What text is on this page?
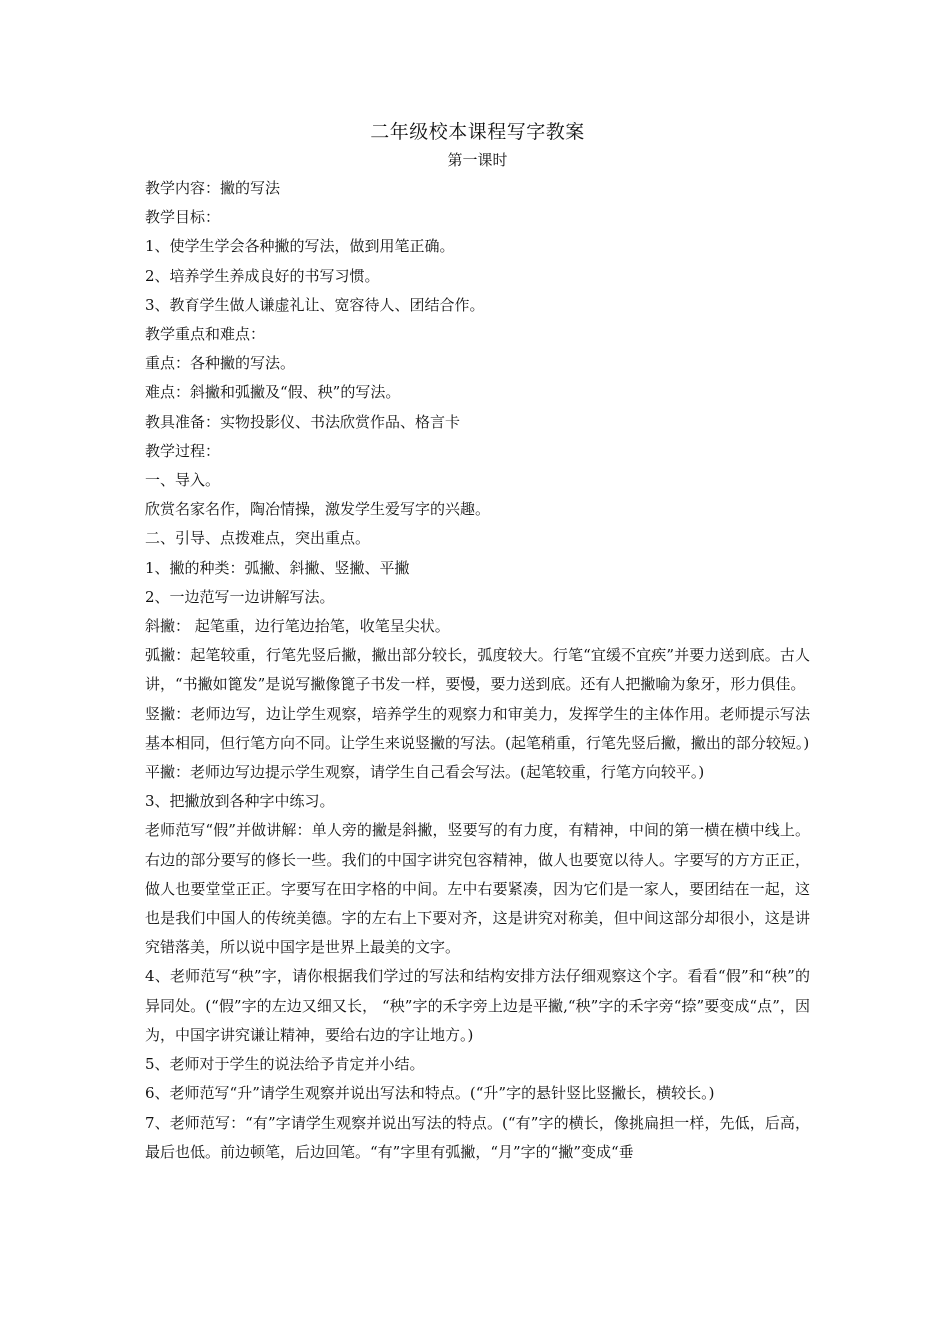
二年级校本课程写字教案
第一课时

教学内容：撇的写法

教学目标：

1、使学生学会各种撇的写法，做到用笔正确。

2、培养学生养成良好的书写习惯。

3、教育学生做人谦虚礼让、宽容待人、团结合作。

教学重点和难点：

重点：各种撇的写法。

难点：斜撇和弧撇及“假、秧”的写法。

教具准备：实物投影仪、书法欣赏作品、格言卡

教学过程：

一、导入。

欣赏名家名作，陶冶情操，激发学生爱写字的兴趣。

二、引导、点拨难点，突出重点。

1、撇的种类：弧撇、斜撇、竖撇、平撇

2、一边范写一边讲解写法。

斜撇： 起笔重，边行笔边抬笔，收笔呈尖状。

弧撇：起笔较重，行笔先竖后撇，撇出部分较长，弧度较大。行笔“宜缓不宜疾”并要力送到底。古人讲，“书撇如篦发”是说写撇像篦子书发一样，要慢，要力送到底。还有人把撇喻为象牙，形力俱佳。

竖撇：老师边写，边让学生观察，培养学生的观察力和审美力，发挥学生的主体作用。老师提示写法基本相同，但行笔方向不同。让学生来说竖撇的写法。(起笔稍重，行笔先竖后撇，撇出的部分较短。)

平撇：老师边写边提示学生观察，请学生自己看会写法。(起笔较重，行笔方向较平。)

3、把撇放到各种字中练习。

老师范写“假”并做讲解：单人旁的撇是斜撇，竖要写的有力度，有精神，中间的第一横在横中线上。右边的部分要写的修长一些。我们的中国字讲究包容精神，做人也要宽以待人。字要写的方方正正，做人也要堂堂正正。字要写在田字格的中间。左中右要紧凑，因为它们是一家人，要团结在一起，这也是我们中国人的传统美德。字的左右上下要对齐，这是讲究对称美，但中间这部分却很小，这是讲究错落美，所以说中国字是世界上最美的文字。

4、老师范写“秧”字，请你根据我们学过的写法和结构安排方法仔细观察这个字。看看“假”和“秧”的异同处。(“假”字的左边又细又长， “秧”字的禾字旁上边是平撇,“秧”字的禾字旁“捺”要变成“点”，因为，中国字讲究谦让精神，要给右边的字让地方。)

5、老师对于学生的说法给予肯定并小结。

6、老师范写“升”请学生观察并说出写法和特点。(“升”字的悬针竖比竖撇长，横较长。)

7、老师范写：“有”字请学生观察并说出写法的特点。(“有”字的横长，像挑扁担一样，先低，后高，最后也低。前边顿笔，后边回笔。“有”字里有弧撇，“月”字的“撇”变成“垂
